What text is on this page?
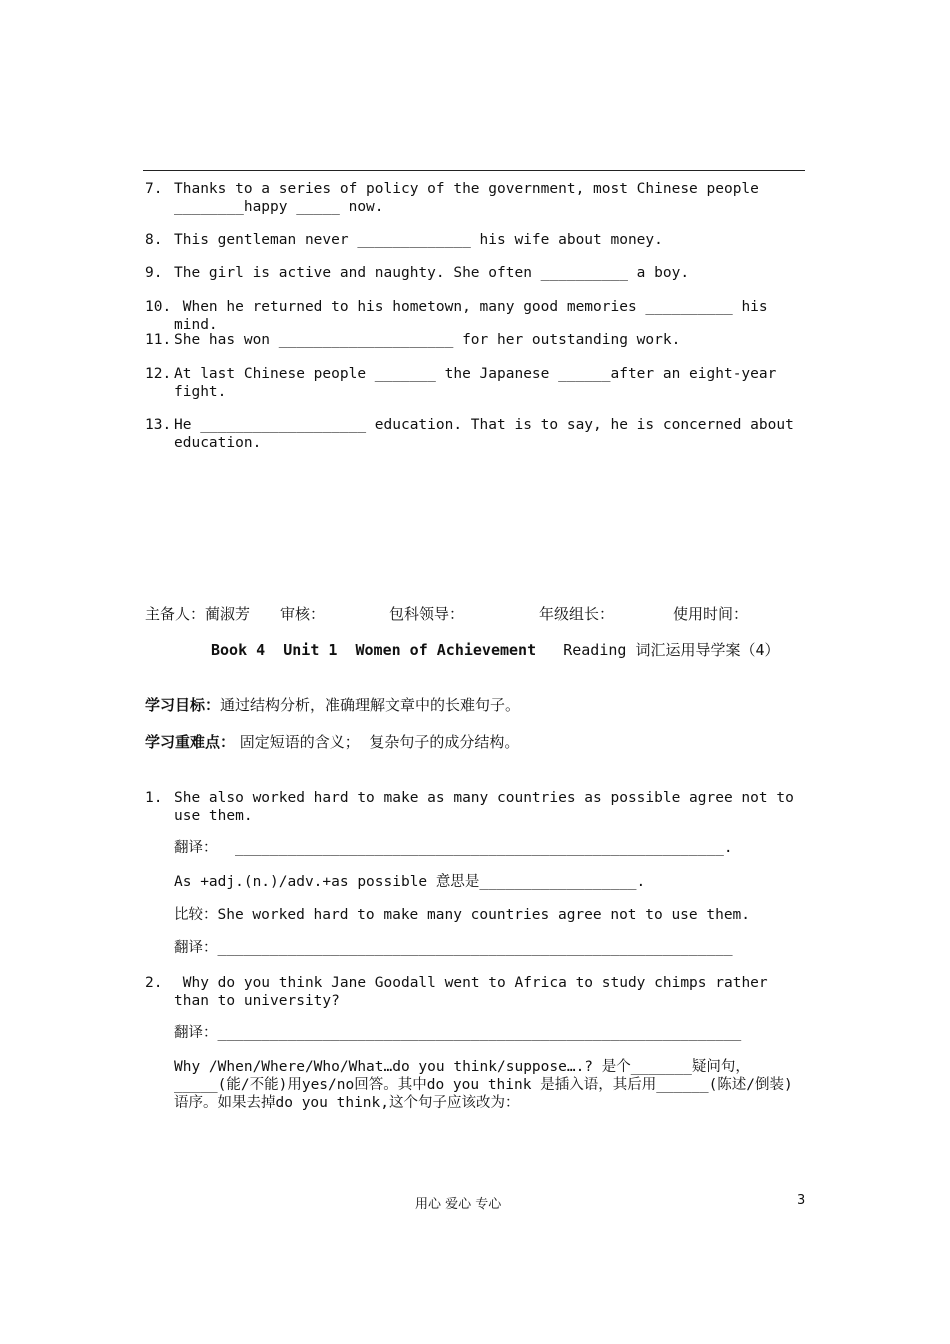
7.

Thanks to a series of policy of the government, most Chinese people ________happy _____ now.

8.

This gentleman never _____________ his wife about money.

9.

The girl is active and naughty. She often __________ a boy.

10.

When he returned to his hometown, many good memories __________ his mind.

11.

She has won ____________________ for her outstanding work.

12.

At last Chinese people _______ the Japanese ______after an eight-year fight.

13.

He ___________________ education. That is to say, he is concerned about education.

主备人：蔺淑芳 审核：	包科领导：	年级组长：	使用时间：
Book 4  Unit 1  Women of Achievement Reading 词汇运用导学案（4）
学习目标：通过结构分析，准确理解文章中的长难句子。
学习重难点： 固定短语的含义；  复杂句子的成分结构。

1.

She also worked hard to make as many countries as possible agree not to use them.

翻译：  ________________________________________________________.
As +adj.(n.)/adv.+as possible 意思是__________________.
比较：She worked hard to make many countries agree not to use them.
翻译：___________________________________________________________

2.

Why do you think Jane Goodall went to Africa to study chimps rather than to university?

翻译：____________________________________________________________
Why /When/Where/Who/What…do you think/suppose….? 是个_______疑问句，_____(能/不能)用yes/no回答。其中do you think 是插入语，其后用______(陈述/倒装)语序。如果去掉do you think,这个句子应该改为：
用心 爱心 专心	3
